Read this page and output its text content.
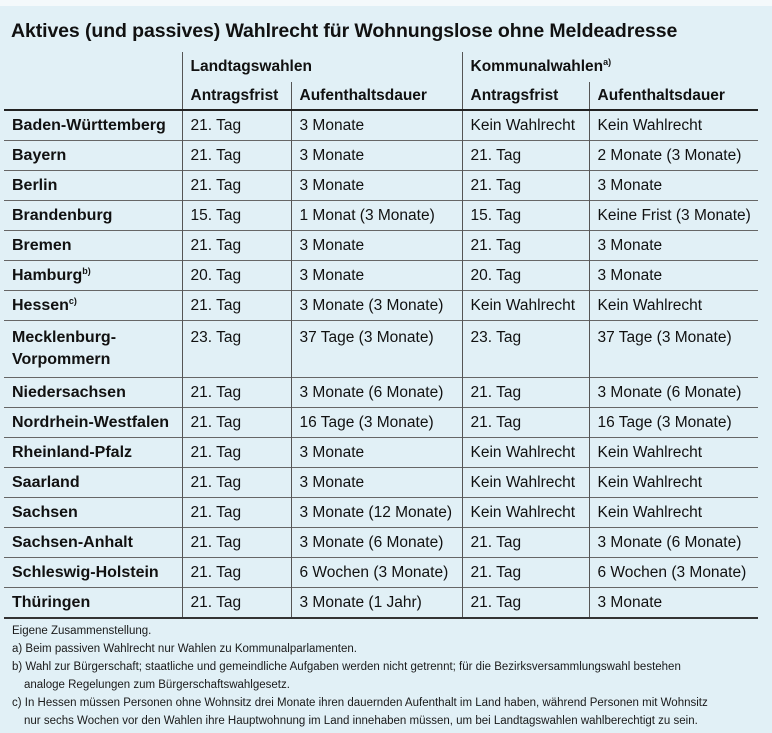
Aktives (und passives) Wahlrecht für Wohnungslose ohne Meldeadresse
	Landtagswahlen		Kommunalwahlen$^{a)}$
	Antragsfrist	Aufenthaltsdauer	Antragsfrist	Aufenthaltsdauer
Baden-Württemberg	21. Tag	3 Monate	Kein Wahlrecht	Kein Wahlrecht
Bayern	21. Tag	3 Monate	21. Tag	2 Monate (3 Monate)
Berlin	21. Tag	3 Monate	21. Tag	3 Monate
Brandenburg	15. Tag	1 Monat (3 Monate)	15. Tag	Keine Frist (3 Monate)
Bremen	21. Tag	3 Monate	21. Tag	3 Monate
Hamburg$^{b)}$	20. Tag	3 Monate	20. Tag	3 Monate
Hessen$^{c)}$	21. Tag	3 Monate (3 Monate)	Kein Wahlrecht	Kein Wahlrecht
Mecklenburg-
Vorpommern	23. Tag	37 Tage (3 Monate)	23. Tag	37 Tage (3 Monate)
Niedersachsen	21. Tag	3 Monate (6 Monate)	21. Tag	3 Monate (6 Monate)
Nordrhein-Westfalen	21. Tag	16 Tage (3 Monate)	21. Tag	16 Tage (3 Monate)
Rheinland-Pfalz	21. Tag	3 Monate	Kein Wahlrecht	Kein Wahlrecht
Saarland	21. Tag	3 Monate	Kein Wahlrecht	Kein Wahlrecht
Sachsen	21. Tag	3 Monate (12 Monate)	Kein Wahlrecht	Kein Wahlrecht
Sachsen-Anhalt	21. Tag	3 Monate (6 Monate)	21. Tag	3 Monate (6 Monate)
Schleswig-Holstein	21. Tag	6 Wochen (3 Monate)	21. Tag	6 Wochen (3 Monate)
Thüringen	21. Tag	3 Monate (1 Jahr)	21. Tag	3 Monate
Eigene Zusammenstellung.
a) Beim passiven Wahlrecht nur Wahlen zu Kommunalparlamenten.
b) Wahl zur Bürgerschaft; staatliche und gemeindliche Aufgaben werden nicht getrennt; für die Bezirksversammlungswahl bestehen
analoge Regelungen zum Bürgerschaftswahlgesetz.
c) In Hessen müssen Personen ohne Wohnsitz drei Monate ihren dauernden Aufenthalt im Land haben, während Personen mit Wohnsitz
nur sechs Wochen vor den Wahlen ihre Hauptwohnung im Land innehaben müssen, um bei Landtagswahlen wahlberechtigt zu sein.
